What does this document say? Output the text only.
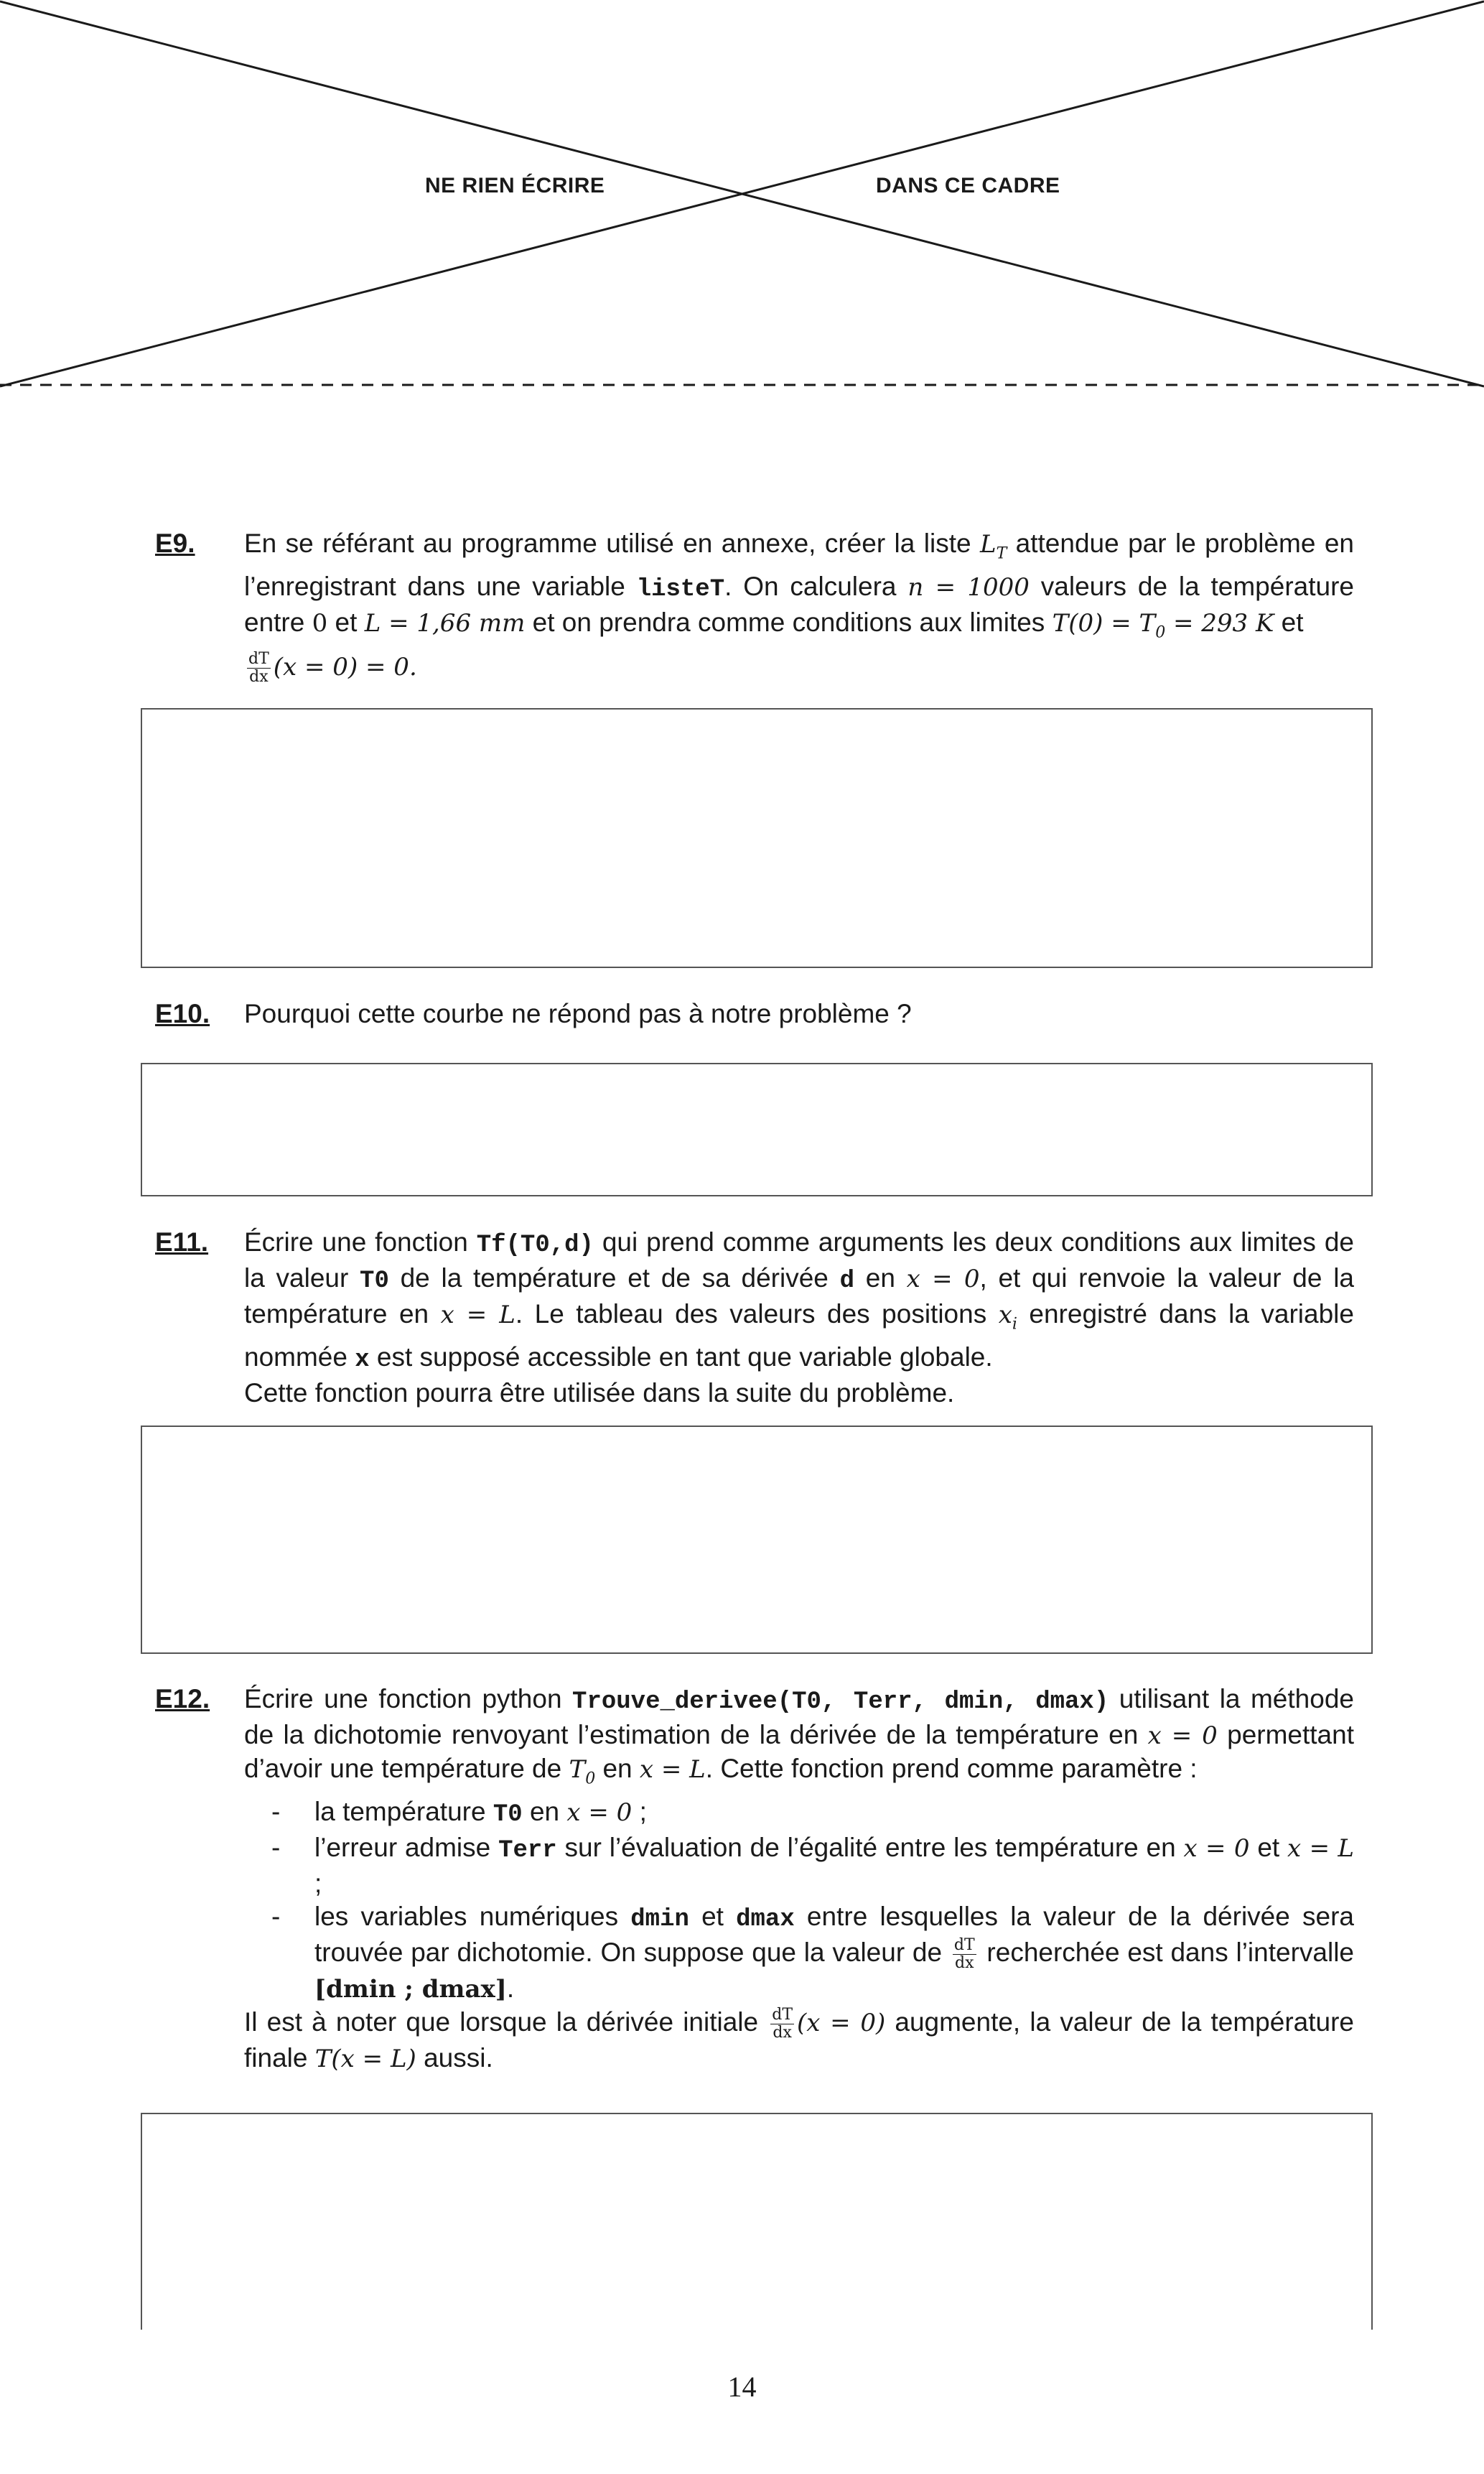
NE RIEN ÉCRIRE	DANS CE CADRE
E9. En se référant au programme utilisé en annexe, créer la liste $L_T$ attendue par le problème en l’enregistrant dans une variable listeT. On calculera n = 1000 valeurs de la température entre 0 et L = 1,66 mm et on prendra comme conditions aux limites $T(0) = T_0 = 293$ K et

$\frac{dT}{dx} (x = 0) = 0$.
E10. Pourquoi cette courbe ne répond pas à notre problème ?
E11. Écrire une fonction Tf(T0,d) qui prend comme arguments les deux conditions aux limites de la valeur T0 de la température et de sa dérivée d en x = 0, et qui renvoie la valeur de la température en x = L. Le tableau des valeurs des positions $x_i$ enregistré dans la variable nommée x est supposé accessible en tant que variable globale.
Cette fonction pourra être utilisée dans la suite du problème.
E12. Écrire une fonction python Trouve_derivee(T0, Terr, dmin, dmax) utilisant la méthode de la dichotomie renvoyant l’estimation de la dérivée de la température en x = 0 permettant d’avoir une température de $T_0$ en x = L. Cette fonction prend comme paramètre :
- la température T0 en x = 0 ;
- l’erreur admise Terr sur l’évaluation de l’égalité entre les température en x = 0 et x = L ;
- les variables numériques dmin et dmax entre lesquelles la valeur de la dérivée sera trouvée par dichotomie. On suppose que la valeur de $\frac{dT}{dx}$ recherchée est dans l’intervalle [dmin ; dmax].
Il est à noter que lorsque la dérivée initiale $\frac{dT}{dx} (x = 0)$ augmente, la valeur de la température finale T(x = L) aussi.
14
